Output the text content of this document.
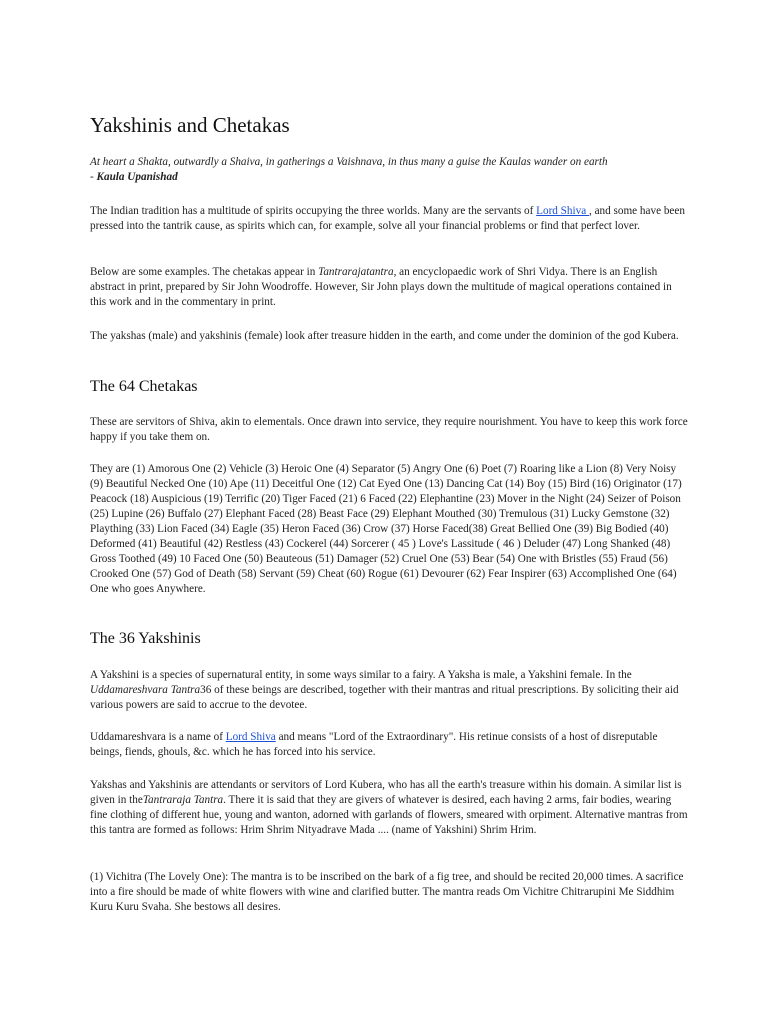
Yakshinis and Chetakas

At heart a Shakta, outwardly a Shaiva, in gatherings a Vaishnava, in thus many a guise the Kaulas wander on earth
- Kaula Upanishad

The Indian tradition has a multitude of spirits occupying the three worlds. Many are the servants of Lord Shiva , and some have been pressed into the tantrik cause, as spirits which can, for example, solve all your financial problems or find that perfect lover.

Below are some examples. The chetakas appear in Tantrarajatantra, an encyclopaedic work of Shri Vidya. There is an English abstract in print, prepared by Sir John Woodroffe. However, Sir John plays down the multitude of magical operations contained in this work and in the commentary in print.

The yakshas (male) and yakshinis (female) look after treasure hidden in the earth, and come under the dominion of the god Kubera.

The 64 Chetakas

These are servitors of Shiva, akin to elementals. Once drawn into service, they require nourishment. You have to keep this work force happy if you take them on.

They are (1) Amorous One (2) Vehicle (3) Heroic One (4) Separator (5) Angry One (6) Poet (7) Roaring like a Lion (8) Very Noisy (9) Beautiful Necked One (10) Ape (11) Deceitful One (12) Cat Eyed One (13) Dancing Cat (14) Boy (15) Bird (16) Originator (17) Peacock (18) Auspicious (19) Terrific (20) Tiger Faced (21) 6 Faced (22) Elephantine (23) Mover in the Night (24) Seizer of Poison (25) Lupine (26) Buffalo (27) Elephant Faced (28) Beast Face (29) Elephant Mouthed (30) Tremulous (31) Lucky Gemstone (32) Plaything (33) Lion Faced (34) Eagle (35) Heron Faced (36) Crow (37) Horse Faced(38) Great Bellied One (39) Big Bodied (40) Deformed (41) Beautiful (42) Restless (43) Cockerel (44) Sorcerer ( 45 ) Love's Lassitude ( 46 ) Deluder (47) Long Shanked (48) Gross Toothed (49) 10 Faced One (50) Beauteous (51) Damager (52) Cruel One (53) Bear (54) One with Bristles (55) Fraud (56) Crooked One (57) God of Death (58) Servant (59) Cheat (60) Rogue (61) Devourer (62) Fear Inspirer (63) Accomplished One (64) One who goes Anywhere.

The 36 Yakshinis

A Yakshini is a species of supernatural entity, in some ways similar to a fairy. A Yaksha is male, a Yakshini female. In the Uddamareshvara Tantra36 of these beings are described, together with their mantras and ritual prescriptions. By soliciting their aid various powers are said to accrue to the devotee.

Uddamareshvara is a name of Lord Shiva and means "Lord of the Extraordinary". His retinue consists of a host of disreputable beings, fiends, ghouls, &c. which he has forced into his service.

Yakshas and Yakshinis are attendants or servitors of Lord Kubera, who has all the earth's treasure within his domain. A similar list is given in theTantraraja Tantra. There it is said that they are givers of whatever is desired, each having 2 arms, fair bodies, wearing fine clothing of different hue, young and wanton, adorned with garlands of flowers, smeared with orpiment. Alternative mantras from this tantra are formed as follows: Hrim Shrim Nityadrave Mada .... (name of Yakshini) Shrim Hrim.

(1) Vichitra (The Lovely One): The mantra is to be inscribed on the bark of a fig tree, and should be recited 20,000 times. A sacrifice into a fire should be made of white flowers with wine and clarified butter. The mantra reads Om Vichitre Chitrarupini Me Siddhim Kuru Kuru Svaha. She bestows all desires.
